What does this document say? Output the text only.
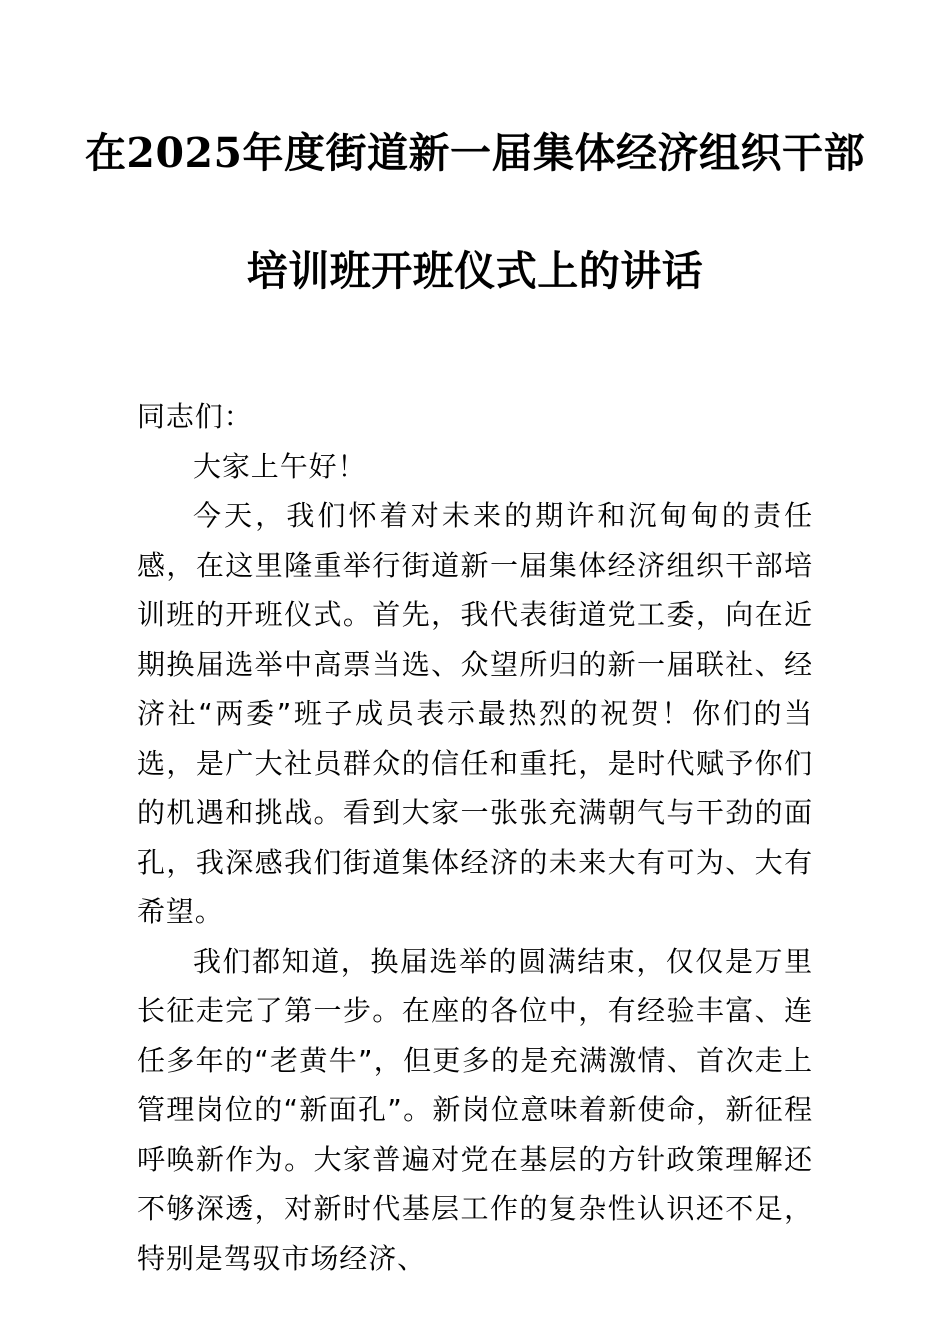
在2025年度街道新一届集体经济组织干部
培训班开班仪式上的讲话

同志们：

大家上午好！

今天，我们怀着对未来的期许和沉甸甸的责任感，在这里隆重举行街道新一届集体经济组织干部培训班的开班仪式。首先，我代表街道党工委，向在近期换届选举中高票当选、众望所归的新一届联社、经济社“两委”班子成员表示最热烈的祝贺！你们的当选，是广大社员群众的信任和重托，是时代赋予你们的机遇和挑战。看到大家一张张充满朝气与干劲的面孔，我深感我们街道集体经济的未来大有可为、大有希望。

我们都知道，换届选举的圆满结束，仅仅是万里长征走完了第一步。在座的各位中，有经验丰富、连任多年的“老黄牛”，但更多的是充满激情、首次走上管理岗位的“新面孔”。新岗位意味着新使命，新征程呼唤新作为。大家普遍对党在基层的方针政策理解还不够深透，对新时代基层工作的复杂性认识还不足，特别是驾驭市场经济、
